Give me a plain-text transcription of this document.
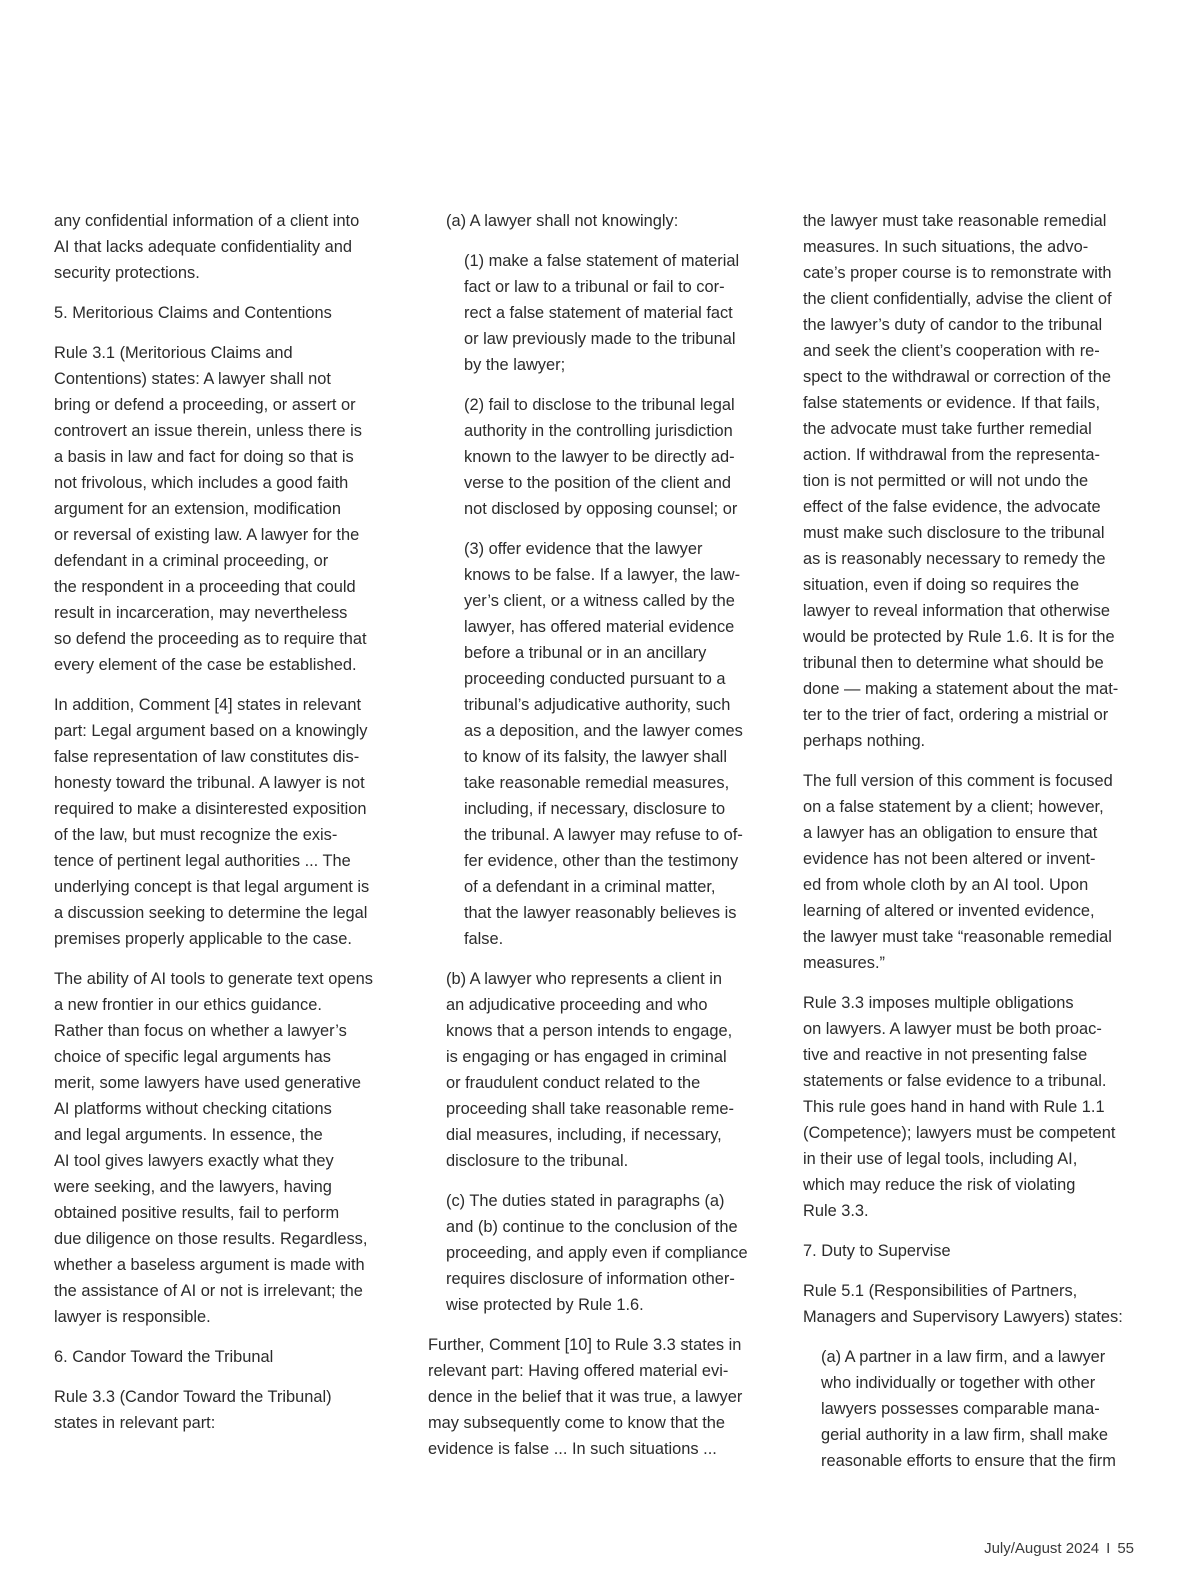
any confidential information of a client into
AI that lacks adequate confidentiality and
security protections.

5. Meritorious Claims and Contentions

Rule 3.1 (Meritorious Claims and
Contentions) states: A lawyer shall not
bring or defend a proceeding, or assert or
controvert an issue therein, unless there is
a basis in law and fact for doing so that is
not frivolous, which includes a good faith
argument for an extension, modification
or reversal of existing law. A lawyer for the
defendant in a criminal proceeding, or
the respondent in a proceeding that could
result in incarceration, may nevertheless
so defend the proceeding as to require that
every element of the case be established.

In addition, Comment [4] states in relevant
part: Legal argument based on a knowingly
false representation of law constitutes dis-
honesty toward the tribunal. A lawyer is not
required to make a disinterested exposition
of the law, but must recognize the exis-
tence of pertinent legal authorities ... The
underlying concept is that legal argument is
a discussion seeking to determine the legal
premises properly applicable to the case.

The ability of AI tools to generate text opens
a new frontier in our ethics guidance.
Rather than focus on whether a lawyer’s
choice of specific legal arguments has
merit, some lawyers have used generative
AI platforms without checking citations
and legal arguments. In essence, the
AI tool gives lawyers exactly what they
were seeking, and the lawyers, having
obtained positive results, fail to perform
due diligence on those results. Regardless,
whether a baseless argument is made with
the assistance of AI or not is irrelevant; the
lawyer is responsible.

6. Candor Toward the Tribunal

Rule 3.3 (Candor Toward the Tribunal)
states in relevant part:

(a) A lawyer shall not knowingly:

(1) make a false statement of material
fact or law to a tribunal or fail to cor-
rect a false statement of material fact
or law previously made to the tribunal
by the lawyer;

(2) fail to disclose to the tribunal legal
authority in the controlling jurisdiction
known to the lawyer to be directly ad-
verse to the position of the client and
not disclosed by opposing counsel; or

(3) offer evidence that the lawyer
knows to be false. If a lawyer, the law-
yer’s client, or a witness called by the
lawyer, has offered material evidence
before a tribunal or in an ancillary
proceeding conducted pursuant to a
tribunal’s adjudicative authority, such
as a deposition, and the lawyer comes
to know of its falsity, the lawyer shall
take reasonable remedial measures,
including, if necessary, disclosure to
the tribunal. A lawyer may refuse to of-
fer evidence, other than the testimony
of a defendant in a criminal matter,
that the lawyer reasonably believes is
false.

(b) A lawyer who represents a client in
an adjudicative proceeding and who
knows that a person intends to engage,
is engaging or has engaged in criminal
or fraudulent conduct related to the
proceeding shall take reasonable reme-
dial measures, including, if necessary,
disclosure to the tribunal.

(c) The duties stated in paragraphs (a)
and (b) continue to the conclusion of the
proceeding, and apply even if compliance
requires disclosure of information other-
wise protected by Rule 1.6.

Further, Comment [10] to Rule 3.3 states in
relevant part: Having offered material evi-
dence in the belief that it was true, a lawyer
may subsequently come to know that the
evidence is false ... In such situations ...

the lawyer must take reasonable remedial
measures. In such situations, the advo-
cate’s proper course is to remonstrate with
the client confidentially, advise the client of
the lawyer’s duty of candor to the tribunal
and seek the client’s cooperation with re-
spect to the withdrawal or correction of the
false statements or evidence. If that fails,
the advocate must take further remedial
action. If withdrawal from the representa-
tion is not permitted or will not undo the
effect of the false evidence, the advocate
must make such disclosure to the tribunal
as is reasonably necessary to remedy the
situation, even if doing so requires the
lawyer to reveal information that otherwise
would be protected by Rule 1.6. It is for the
tribunal then to determine what should be
done — making a statement about the mat-
ter to the trier of fact, ordering a mistrial or
perhaps nothing.

The full version of this comment is focused
on a false statement by a client; however,
a lawyer has an obligation to ensure that
evidence has not been altered or invent-
ed from whole cloth by an AI tool. Upon
learning of altered or invented evidence,
the lawyer must take “reasonable remedial
measures.”

Rule 3.3 imposes multiple obligations
on lawyers. A lawyer must be both proac-
tive and reactive in not presenting false
statements or false evidence to a tribunal.
This rule goes hand in hand with Rule 1.1
(Competence); lawyers must be competent
in their use of legal tools, including AI,
which may reduce the risk of violating
Rule 3.3.

7. Duty to Supervise

Rule 5.1 (Responsibilities of Partners,
Managers and Supervisory Lawyers) states:

(a) A partner in a law firm, and a lawyer
who individually or together with other
lawyers possesses comparable mana-
gerial authority in a law firm, shall make
reasonable efforts to ensure that the firm

July/August 2024 I 55
